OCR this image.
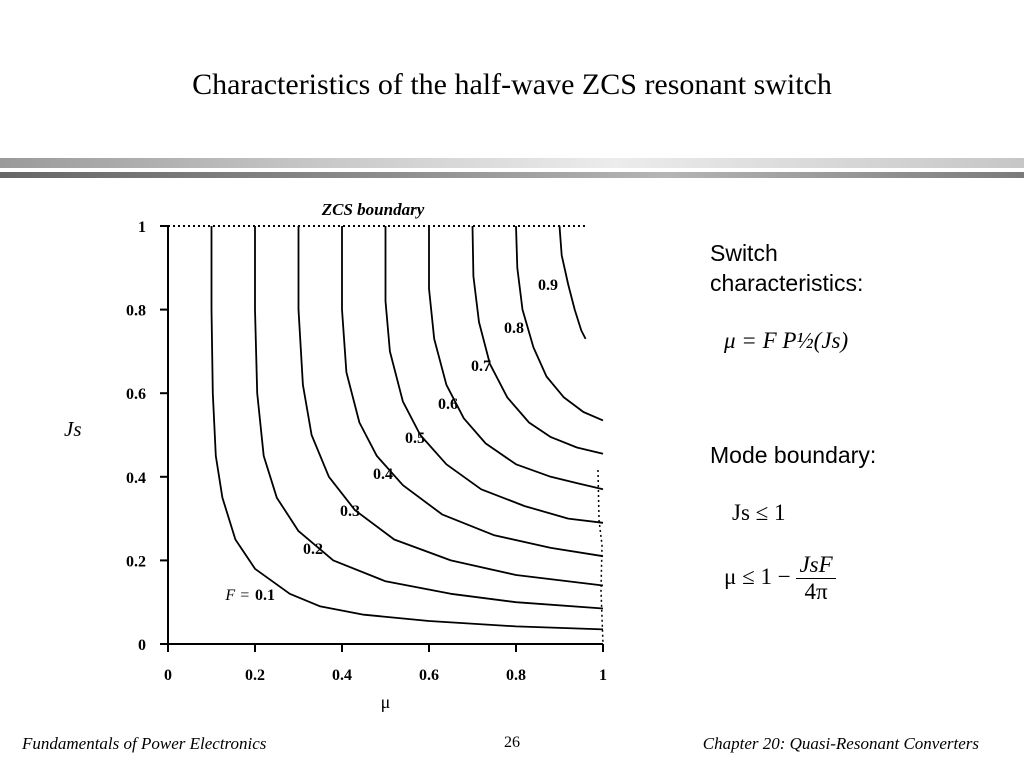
Characteristics of the half-wave ZCS resonant switch
0	0.2	0.4	0.6	0.8	1
0
0.2
0.4
0.6
0.8
1
ZCS boundary
μ
Js
0.1
0.2
0.3
0.4
0.5
0.6
0.7
0.8
0.9
F =
Switch characteristics:
μ = F P½(Js)
Mode boundary:
Js ≤ 1
$\mu \le 1 - \frac{\text{JsF}}{4\pi}$
Fundamentals of Power Electronics	26	Chapter 20: Quasi-Resonant Converters
